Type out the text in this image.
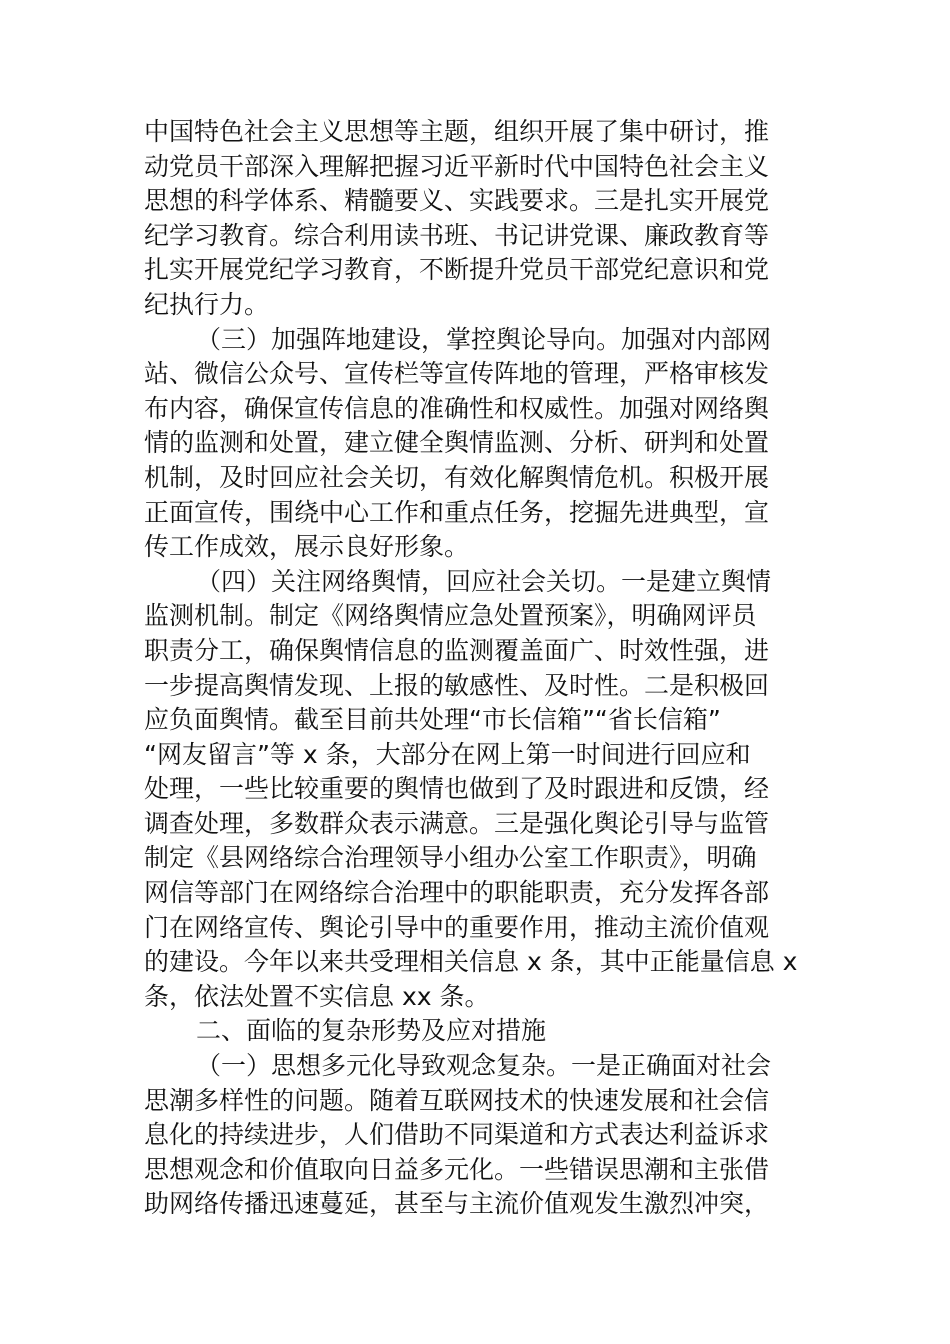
中国特色社会主义思想等主题，组织开展了集中研讨，推
动党员干部深入理解把握习近平新时代中国特色社会主义
思想的科学体系、精髓要义、实践要求。三是扎实开展党
纪学习教育。综合利用读书班、书记讲党课、廉政教育等
扎实开展党纪学习教育，不断提升党员干部党纪意识和党
纪执行力。
（三）加强阵地建设，掌控舆论导向。加强对内部网
站、微信公众号、宣传栏等宣传阵地的管理，严格审核发
布内容，确保宣传信息的准确性和权威性。加强对网络舆
情的监测和处置，建立健全舆情监测、分析、研判和处置
机制，及时回应社会关切，有效化解舆情危机。积极开展
正面宣传，围绕中心工作和重点任务，挖掘先进典型，宣
传工作成效，展示良好形象。
（四）关注网络舆情，回应社会关切。一是建立舆情
监测机制。制定《网络舆情应急处置预案》，明确网评员
职责分工，确保舆情信息的监测覆盖面广、时效性强，进
一步提高舆情发现、上报的敏感性、及时性。二是积极回
应负面舆情。截至目前共处理“市长信箱”“省长信箱”
“网友留言”等 x 条，大部分在网上第一时间进行回应和
处理，一些比较重要的舆情也做到了及时跟进和反馈，经
调查处理，多数群众表示满意。三是强化舆论引导与监管
制定《县网络综合治理领导小组办公室工作职责》，明确
网信等部门在网络综合治理中的职能职责，充分发挥各部
门在网络宣传、舆论引导中的重要作用，推动主流价值观
的建设。今年以来共受理相关信息 x 条，其中正能量信息 x
条，依法处置不实信息 xx 条。
二、面临的复杂形势及应对措施
（一）思想多元化导致观念复杂。一是正确面对社会
思潮多样性的问题。随着互联网技术的快速发展和社会信
息化的持续进步，人们借助不同渠道和方式表达利益诉求
思想观念和价值取向日益多元化。一些错误思潮和主张借
助网络传播迅速蔓延，甚至与主流价值观发生激烈冲突，
